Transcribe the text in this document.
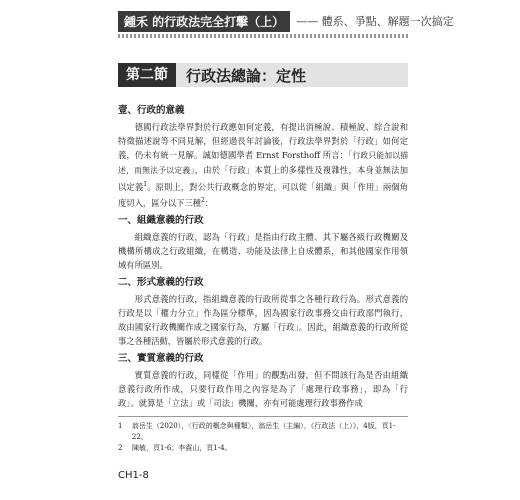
鍾禾 的行政法完全打擊（上）	—— 體系、爭點、解題一次搞定
第二節	行政法總論：定性
壹、行政的意義

德國行政法學界對於行政應如何定義，有提出消極說、積極說、綜合說和特徵描述說等不同見解，但經過長年討論後，行政法學界對於「行政」如何定義，仍未有統一見解。誠如德國學者 Ernst Forsthoff 所言：「行政只能加以描述，而無法予以定義」，由於「行政」本質上的多樣性及複雜性，本身並無法加以定義$^1$。原則上，對公共行政概念的界定，可以從「組織」與「作用」兩個角度切入，區分以下三種$^2$：

一、組織意義的行政

組織意義的行政，認為「行政」是指由行政主體、其下屬各級行政機關及機構所構成之行政組織，在構造、功能及法律上自成體系，和其他國家作用領域有所區別。

二、形式意義的行政

形式意義的行政，指組織意義的行政所從事之各種行政行為。形式意義的行政是以「權力分立」作為區分標準，因為國家行政事務交由行政部門執行，故由國家行政機關作成之國家行為，方屬「行政」。因此，組織意義的行政所從事之各種活動，皆屬於形式意義的行政。

三、實質意義的行政

實質意義的行政，同樣從「作用」的觀點出發，但不問該行為是否由組織意義行政所作成，只要行政作用之內容是為了「處理行政事務」，即為「行政」。就算是「立法」或「司法」機關，亦有可能處理行政事務作成

1	翁岳生（2020），〈行政的概念與種類〉，翁岳生（主編），《行政法（上）》，4版，頁1-22。
2	陳敏，頁1-6；李震山，頁1-4。
CH1-8
